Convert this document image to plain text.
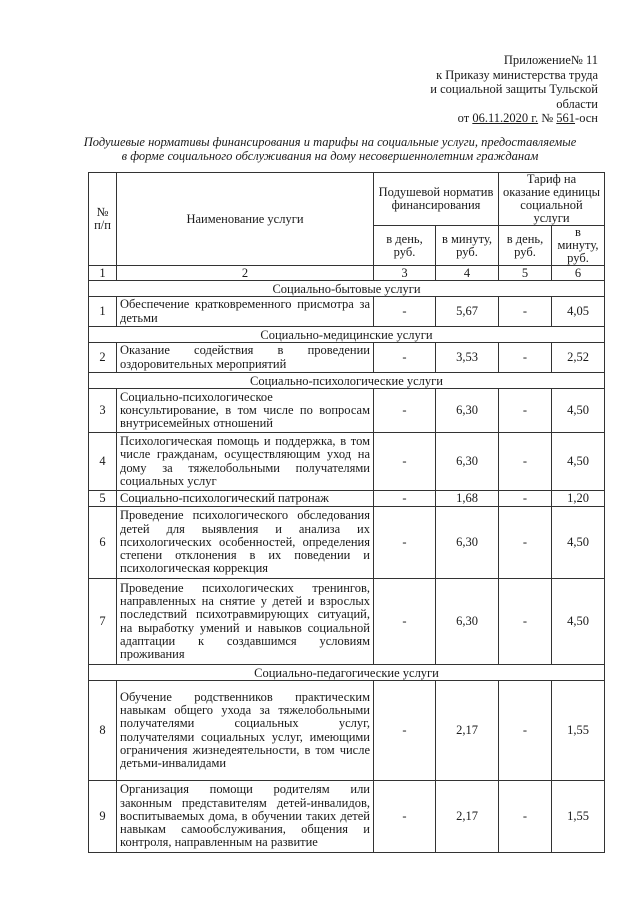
Приложение№ 11
к Приказу министерства труда
и социальной защиты Тульской
области
от 06.11.2020 г. № 561-осн
Подушевые нормативы финансирования и тарифы на социальные услуги, предоставляемые
в форме социального обслуживания на дому несовершеннолетним гражданам
№ п/п	Наименование услуги	Подушевой норматив финансирования		Тариф на оказание единицы социальной услуги	
		в день, руб.	в минуту, руб.	в день, руб.	в минуту, руб.
1	2	3	4	5	6
Социально-бытовые услуги					
1	Обеспечение кратковременного присмотра за детьми	-	5,67	-	4,05
Социально-медицинские услуги					
2	Оказание содействия в проведении оздоровительных мероприятий	-	3,53	-	2,52
Социально-психологические услуги					
3	Социально-психологическое консультирование, в том числе по вопросам внутрисемейных отношений	-	6,30	-	4,50
4	Психологическая помощь и поддержка, в том числе гражданам, осуществляющим уход на дому за тяжелобольными получателями социальных услуг	-	6,30	-	4,50
5	Социально-психологический патронаж	-	1,68	-	1,20
6	Проведение психологического обследования детей для выявления и анализа их психологических особенностей, определения степени отклонения в их поведении и психологическая коррекция	-	6,30	-	4,50
7	Проведение психологических тренингов, направленных на снятие у детей и взрослых последствий психотравмирующих ситуаций, на выработку умений и навыков социальной адаптации к создавшимся условиям проживания	-	6,30	-	4,50
Социально-педагогические услуги					
8	Обучение родственников практическим навыкам общего ухода за тяжелобольными получателями социальных услуг, получателями социальных услуг, имеющими ограничения жизнедеятельности, в том числе детьми-инвалидами	-	2,17	-	1,55
9	Организация помощи родителям или законным представителям детей-инвалидов, воспитываемых дома, в обучении таких детей навыкам самообслуживания, общения и контроля, направленным на развитие	-	2,17	-	1,55
